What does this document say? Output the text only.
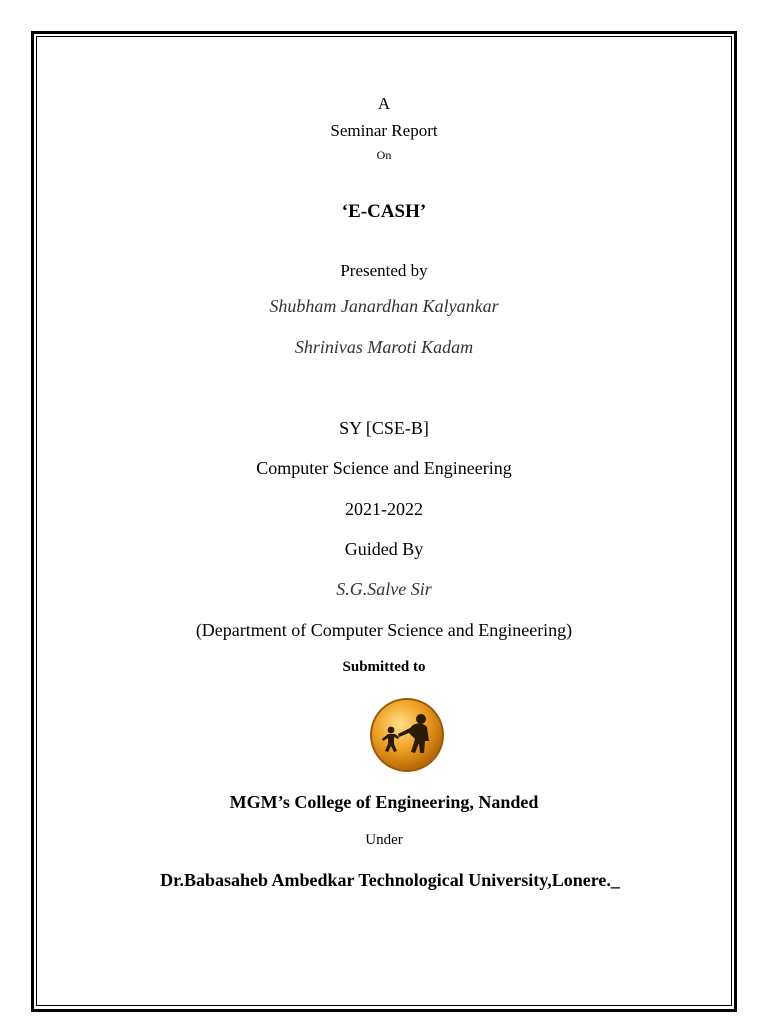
A
Seminar Report
On
‘E-CASH’
Presented by
Shubham Janardhan Kalyankar
Shrinivas Maroti Kadam
SY [CSE-B]
Computer Science and Engineering
2021-2022
Guided By
S.G.Salve Sir
(Department of Computer Science and Engineering)
Submitted to
MGM’s College of Engineering, Nanded
Under
Dr.Babasaheb Ambedkar Technological University,Lonere._
